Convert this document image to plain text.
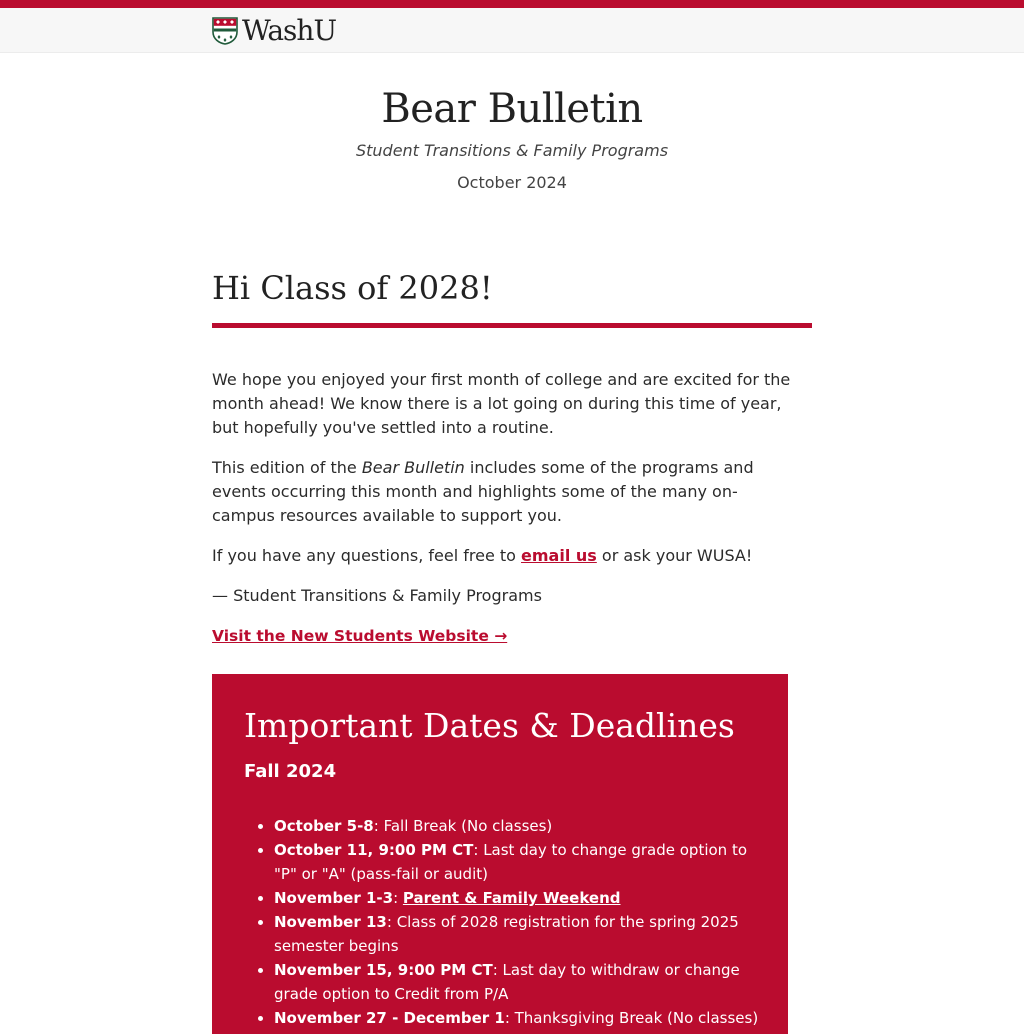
WashU
Bear Bulletin
Student Transitions & Family Programs
October 2024
Hi Class of 2028!

We hope you enjoyed your first month of college and are excited for the month ahead! We know there is a lot going on during this time of year, but hopefully you've settled into a routine.

This edition of the Bear Bulletin includes some of the programs and events occurring this month and highlights some of the many on-campus resources available to support you.

If you have any questions, feel free to email us or ask your WUSA!

— Student Transitions & Family Programs

Visit the New Students Website →

Important Dates & Deadlines
Fall 2024
• October 5-8: Fall Break (No classes)
• October 11, 9:00 PM CT: Last day to change grade option to "P" or "A" (pass-fail or audit)
• November 1-3: Parent & Family Weekend
• November 13: Class of 2028 registration for the spring 2025 semester begins
• November 15, 9:00 PM CT: Last day to withdraw or change grade option to Credit from P/A
• November 27 - December 1: Thanksgiving Break (No classes)
